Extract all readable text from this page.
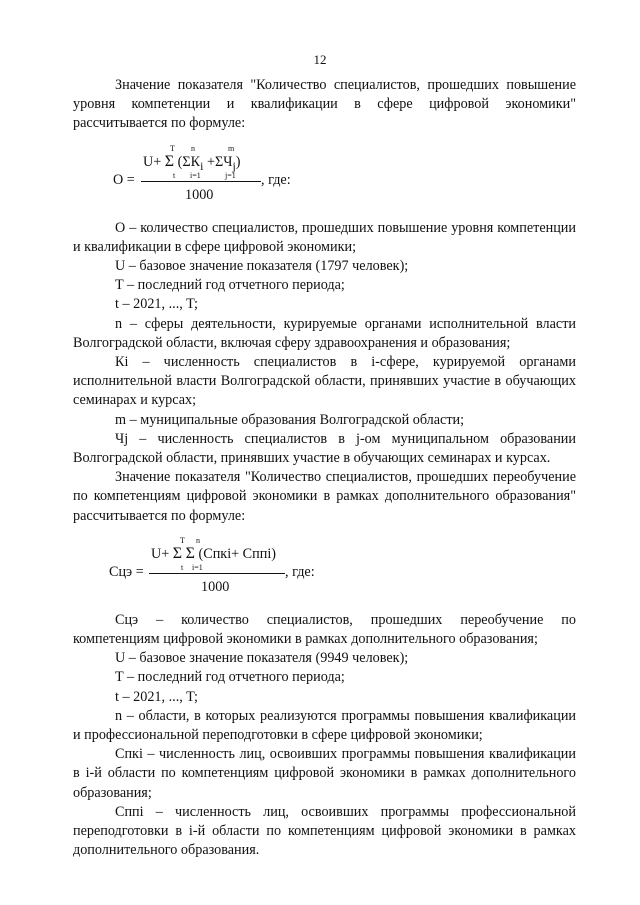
12

Значение показателя "Количество специалистов, прошедших повышение уровня компетенции и квалификации в сфере цифровой экономики" рассчитывается по формуле:

T n	m
U+ Σ $(\Sigma К_i +\Sigma Ч_j)$
t i=1	j=1
О =	, где:
1000

О – количество специалистов, прошедших повышение уровня компетенции и квалификации в сфере цифровой экономики;

U – базовое значение показателя (1797 человек);

T – последний год отчетного периода;

t – 2021, ..., T;

n – сферы деятельности, курируемые органами исполнительной власти Волгоградской области, включая сферу здравоохранения и образования;

Кi – численность специалистов в i-сфере, курируемой органами исполнительной власти Волгоградской области, принявших участие в обучающих семинарах и курсах;

m – муниципальные образования Волгоградской области;

Чj – численность специалистов в j-ом муниципальном образовании Волгоградской области, принявших участие в обучающих семинарах и курсах.

Значение показателя "Количество специалистов, прошедших переобучение по компетенциям цифровой экономики в рамках дополнительного образования" рассчитывается по формуле:

T n
U+ Σ Σ (Спкi+ Сппi)
t i=1
Сцэ =	, где:
1000

Сцэ – количество специалистов, прошедших переобучение по компетенциям цифровой экономики в рамках дополнительного образования;

U – базовое значение показателя (9949 человек);

T – последний год отчетного периода;

t – 2021, ..., T;

n – области, в которых реализуются программы повышения квалификации и профессиональной переподготовки в сфере цифровой экономики;

Спкi – численность лиц, освоивших программы повышения квалификации в i-й области по компетенциям цифровой экономики в рамках дополнительного образования;

Сппi – численность лиц, освоивших программы профессиональной переподготовки в i-й области по компетенциям цифровой экономики в рамках дополнительного образования.
